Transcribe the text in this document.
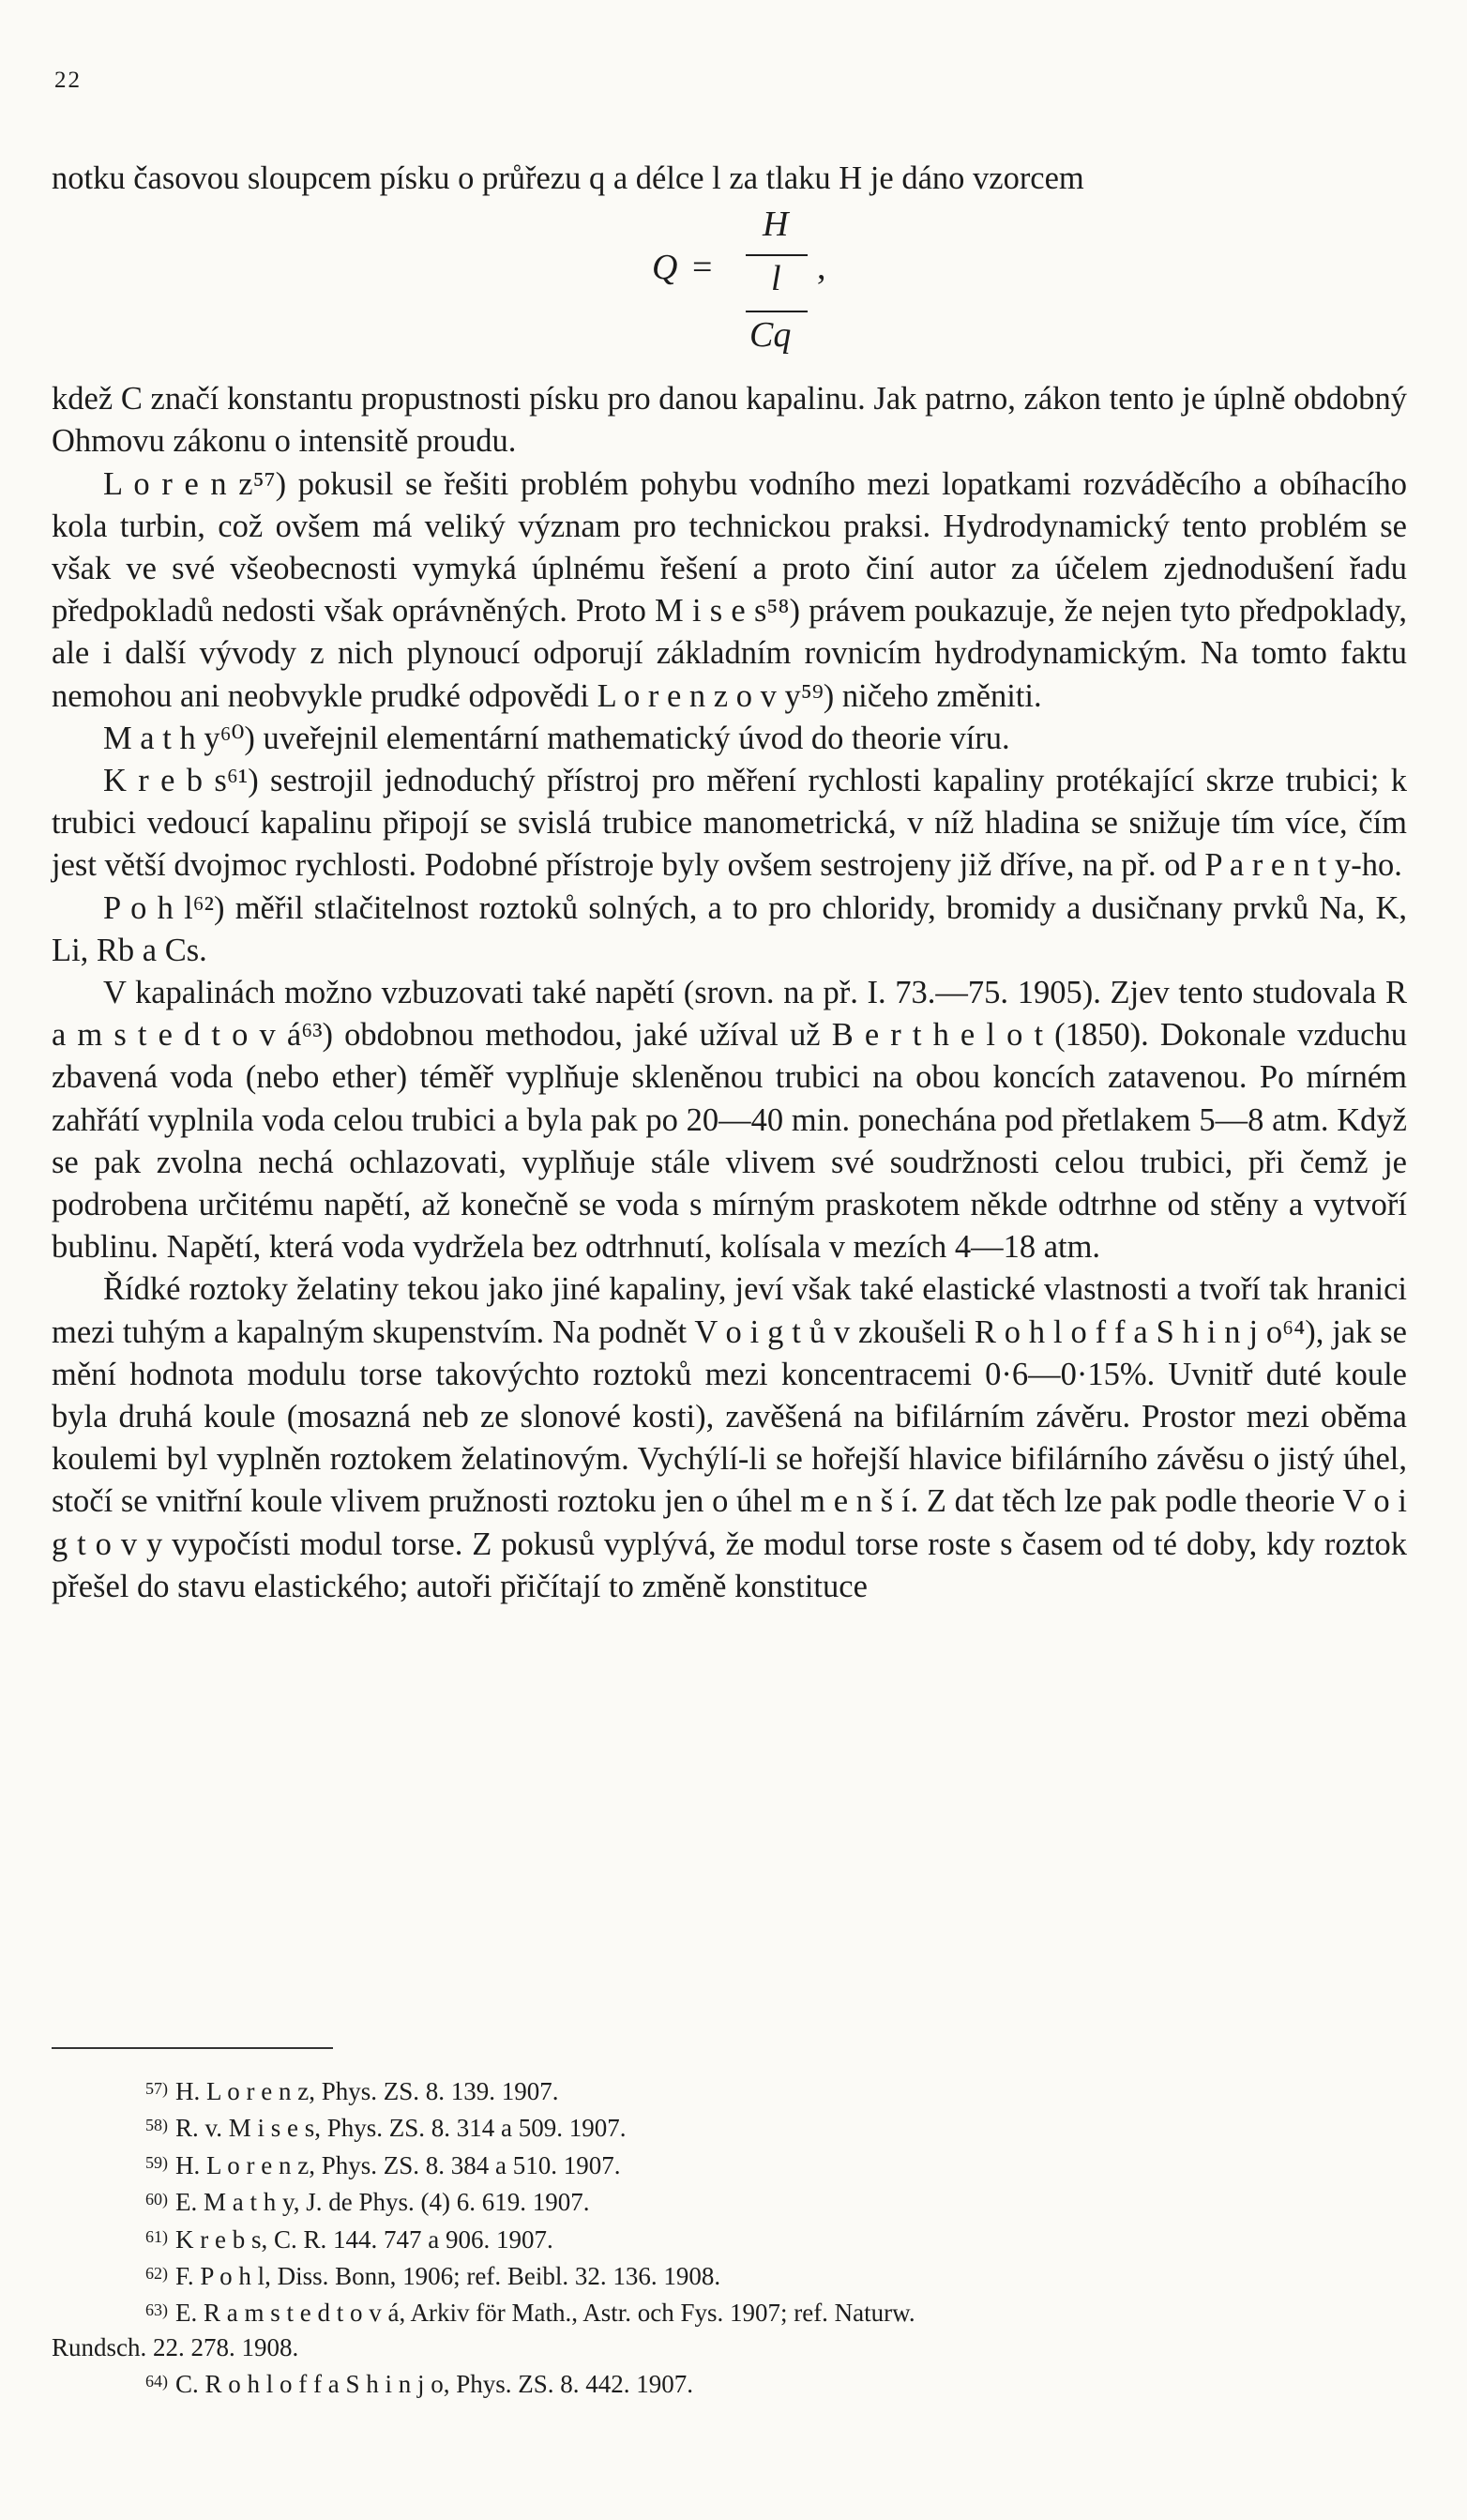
22

notku časovou sloupcem písku o průřezu q a délce l za tlaku H je dáno vzorcem

Q =
H
l
Cq
,

kdež C značí konstantu propustnosti písku pro danou kapalinu. Jak patrno, zákon tento je úplně obdobný Ohmovu zákonu o intensitě proudu.

L o r e n z⁵⁷) pokusil se řešiti problém pohybu vodního mezi lopatkami rozváděcího a obíhacího kola turbin, což ovšem má veliký význam pro technickou praksi. Hydrodynamický tento problém se však ve své všeobecnosti vymyká úplnému řešení a proto činí autor za účelem zjednodušení řadu předpokladů nedosti však oprávněných. Proto M i s e s⁵⁸) právem poukazuje, že nejen tyto předpoklady, ale i další vývody z nich plynoucí odporují základním rovnicím hydrodynamickým. Na tomto faktu nemohou ani neobvykle prudké odpovědi L o r e n z o v y⁵⁹) ničeho změniti.

M a t h y⁶⁰) uveřejnil elementární mathematický úvod do theorie víru.

K r e b s⁶¹) sestrojil jednoduchý přístroj pro měření rychlosti kapaliny protékající skrze trubici; k trubici vedoucí kapalinu připojí se svislá trubice manometrická, v níž hladina se snižuje tím více, čím jest větší dvojmoc rychlosti. Podobné přístroje byly ovšem sestrojeny již dříve, na př. od P a r e n t y-ho.

P o h l⁶²) měřil stlačitelnost roztoků solných, a to pro chloridy, bromidy a dusičnany prvků Na, K, Li, Rb a Cs.

V kapalinách možno vzbuzovati také napětí (srovn. na př. I. 73.—75. 1905). Zjev tento studovala R a m s t e d t o v á⁶³) obdobnou methodou, jaké užíval už B e r t h e l o t (1850). Dokonale vzduchu zbavená voda (nebo ether) téměř vyplňuje skleněnou trubici na obou koncích zatavenou. Po mírném zahřátí vyplnila voda celou trubici a byla pak po 20—40 min. ponechána pod přetlakem 5—8 atm. Když se pak zvolna nechá ochlazovati, vyplňuje stále vlivem své soudržnosti celou trubici, při čemž je podrobena určitému napětí, až konečně se voda s mírným praskotem někde odtrhne od stěny a vytvoří bublinu. Napětí, která voda vydržela bez odtrhnutí, kolísala v mezích 4—18 atm.

Řídké roztoky želatiny tekou jako jiné kapaliny, jeví však také elastické vlastnosti a tvoří tak hranici mezi tuhým a kapalným skupenstvím. Na podnět V o i g t ů v zkoušeli R o h l o f f a S h i n j o⁶⁴), jak se mění hodnota modulu torse takovýchto roztoků mezi koncentracemi 0·6—0·15%. Uvnitř duté koule byla druhá koule (mosazná neb ze slonové kosti), zavěšená na bifilárním závěru. Prostor mezi oběma koulemi byl vyplněn roztokem želatinovým. Vychýlí-li se hořejší hlavice bifilárního závěsu o jistý úhel, stočí se vnitřní koule vlivem pružnosti roztoku jen o úhel m e n š í. Z dat těch lze pak podle theorie V o i g t o v y vypočísti modul torse. Z pokusů vyplývá, že modul torse roste s časem od té doby, kdy roztok přešel do stavu elastického; autoři přičítají to změně konstituce

$^{57)}$ H. L o r e n z, Phys. ZS. 8. 139. 1907.
$^{58)}$ R. v. M i s e s, Phys. ZS. 8. 314 a 509. 1907.
$^{59)}$ H. L o r e n z, Phys. ZS. 8. 384 a 510. 1907.
$^{60)}$ E. M a t h y, J. de Phys. (4) 6. 619. 1907.
$^{61)}$ K r e b s, C. R. 144. 747 a 906. 1907.
$^{62)}$ F. P o h l, Diss. Bonn, 1906; ref. Beibl. 32. 136. 1908.
$^{63)}$ E. R a m s t e d t o v á, Arkiv för Math., Astr. och Fys. 1907; ref. Naturw.
Rundsch. 22. 278. 1908.
$^{64)}$ C. R o h l o f f a S h i n j o, Phys. ZS. 8. 442. 1907.
